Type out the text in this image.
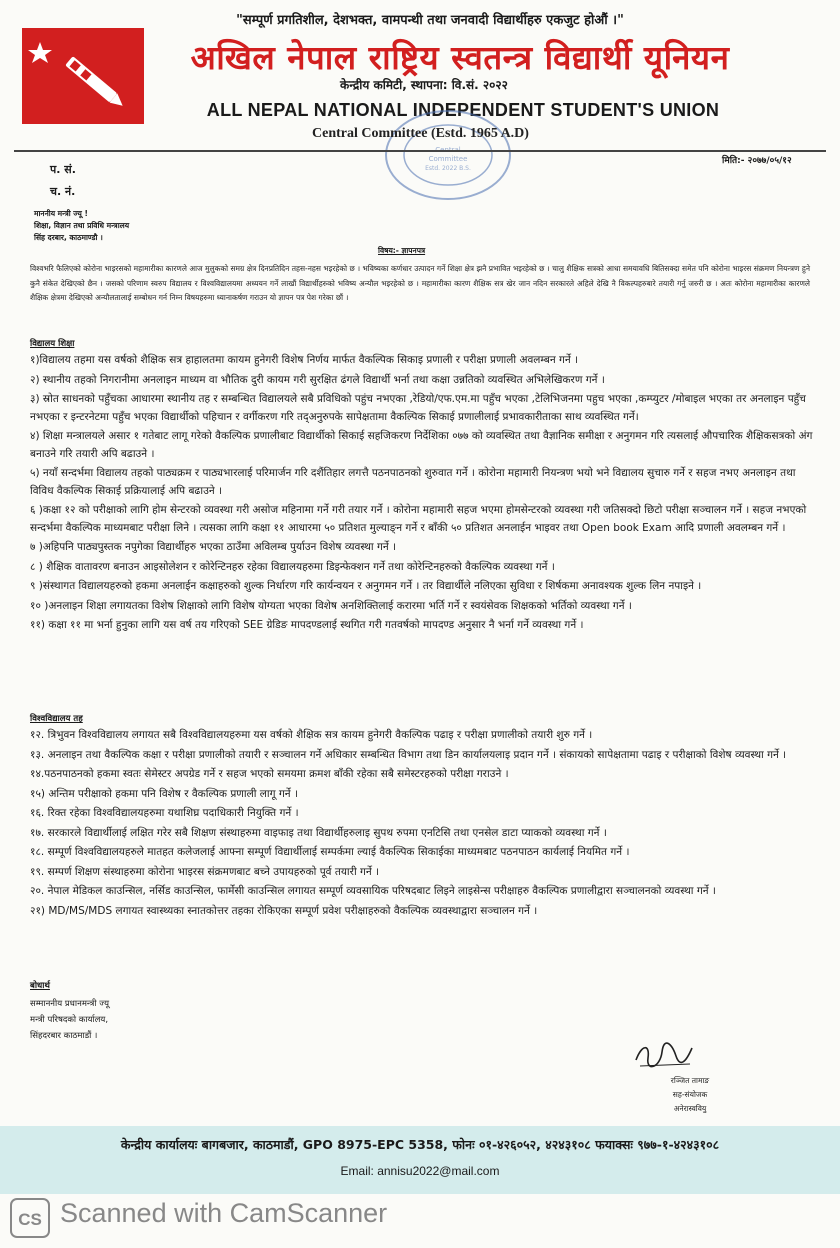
"सम्पूर्ण प्रगतिशील, देशभक्त, वामपन्थी तथा जनवादी विद्यार्थीहरु एकजुट होऔं ।"
अखिल नेपाल राष्ट्रिय स्वतन्त्र विद्यार्थी यूनियन
केन्द्रीय कमिटी, स्थापना: वि.सं. २०२२
ALL NEPAL NATIONAL INDEPENDENT STUDENT'S UNION
Committee
Estd. 2022 B.S.
Central Committee (Estd. 1965 A.D)
प. सं.
च. नं.
मिति:- २०७७/०५/१२
माननीय मन्त्री ज्यू !
शिक्षा, विज्ञान तथा प्रविधि मन्त्रालय
सिंह दरबार, काठमाण्डौ ।
विषय:- ज्ञापनपत्र
विश्वभरि फैलिएको कोरोना भाइरसको महामारीका कारणले आज मुलुकको समग्र क्षेत्र दिनप्रतिदिन तहस-नहस भइरहेको छ । भविष्यका कर्णधार उत्पादन गर्ने शिक्षा क्षेत्र झनै प्रभावित भइरहेको छ । चालु शैक्षिक सत्रको आधा समयावधि बितिसक्दा समेत पनि कोरोना भाइरस संक्रमण नियन्त्रण हुने कुनै संकेत देखिएको छैन । जसको परिणाम स्वरुप विद्यालय र विश्वविद्यालयमा अध्ययन गर्ने लाखौं विद्यार्थीहरुको भविष्य अन्यौल भइरहेको छ । महामारीका कारण शैक्षिक सत्र खेर जान नदिन सरकारले अहिले देखि नै विकल्पहरुबारे तयारी गर्नु जरुरी छ । अतः कोरोना महामारीका कारणले शैक्षिक क्षेत्रमा देखिएको अन्यौलतालाई सम्बोधन गर्न निम्न विषयहरुमा ध्यानाकर्षण गराउन यो ज्ञापन पत्र पेश गरेका छौं ।
विद्यालय शिक्षा
१)विद्यालय तहमा यस वर्षको शैक्षिक सत्र हाहालतमा कायम हुनेगरी विशेष निर्णय मार्फत वैकल्पिक सिकाइ प्रणाली र परीक्षा प्रणाली अवलम्बन गर्ने ।
२) स्थानीय तहको निगरानीमा अनलाइन माध्यम वा भौतिक दुरी कायम गरी सुरक्षित ढंगले विद्यार्थी भर्ना तथा कक्षा उन्नतिको व्यवस्थित अभिलेखिकरण गर्ने ।
३) स्रोत साधनको पहुँचका आधारमा स्थानीय तह र सम्बन्धित विद्यालयले सबै प्रविधिको पहुंच नभएका ,रेडियो/एफ.एम.मा पहुँच भएका ,टेलिभिजनमा पहुच भएका ,कम्प्युटर /मोबाइल भएका तर अनलाइन पहुँच नभएका र इन्टरनेटमा पहुँच भएका विद्यार्थीको पहिचान र वर्गीकरण गरि तद्अनुरुपके सापेक्षतामा वैकल्पिक सिकाई प्रणालीलाई प्रभावकारीताका साथ व्यवस्थित गर्ने।
४) शिक्षा मन्त्रालयले असार १ गतेबाट लागू गरेको वैकल्पिक प्रणालीबाट विद्यार्थीको सिकाई सहजिकरण निर्देशिका ०७७ को व्यवस्थित तथा वैज्ञानिक समीक्षा र अनुगमन गरि त्यसलाई औपचारिक शैक्षिकसत्रको अंग बनाउने गरि तयारी अपि बढाउने ।
५) नयाँ सन्दर्भमा विद्यालय तहको पाठ्यक्रम र पाठ्यभारलाई परिमार्जन गरि दशैंतिहार लगत्तै पठनपाठनको शुरुवात गर्ने । कोरोना महामारी नियन्त्रण भयो भने विद्यालय सुचारु गर्ने र सहज नभए अनलाइन तथा विविध वैकल्पिक सिकाई प्रक्रियालाई अपि बढाउने ।
६ )कक्षा १२ को परीक्षाको लागि होम सेन्टरको व्यवस्था गरी असोज महिनामा गर्ने गरी तयार गर्ने । कोरोना महामारी सहज भएमा होमसेन्टरको व्यवस्था गरी जतिसक्दो छिटो परीक्षा सञ्चालन गर्ने । सहज नभएको सन्दर्भमा वैकल्पिक माध्यमबाट परीक्षा लिने । त्यसका लागि कक्षा ११ आधारमा ५० प्रतिशत मुल्याङ्न गर्ने र बाँकी ५० प्रतिशत अनलाईन भाइवर तथा Open book Exam आदि प्रणाली अवलम्बन गर्ने ।
७ )अहिपनि पाठ्यपुस्तक नपुगेका विद्यार्थीहरु भएका ठाउँमा अविलम्ब पुर्याउन विशेष व्यवस्था गर्ने ।
८ ) शैक्षिक वातावरण बनाउन आइसोलेशन र कोरेन्टिनहरु रहेका विद्यालयहरुमा डिइन्फेक्शन गर्ने तथा कोरेन्टिनहरुको वैकल्पिक व्यवस्था गर्ने ।
९ )संस्थागत विद्यालयहरुको हकमा अनलाईन कक्षाहरुको शुल्क निर्धारण गरि कार्यन्वयन र अनुगमन गर्ने । तर विद्यार्थीले नलिएका सुविधा र शिर्षकमा अनावश्यक शुल्क लिन नपाइने ।
१० )अनलाइन शिक्षा लगायतका विशेष शिक्षाको लागि विशेष योग्यता भएका विशेष अनशिक्तिलाई करारमा भर्ति गर्ने र स्वयंसेवक शिक्षकको भर्तिको व्यवस्था गर्ने ।
११) कक्षा ११ मा भर्ना हुनुका लागि यस वर्ष तय गरिएको SEE ग्रेडिङ मापदण्डलाई स्थगित गरी गतवर्षको मापदण्ड अनुसार नै भर्ना गर्ने व्यवस्था गर्ने ।
विश्वविद्यालय तह
१२. त्रिभुवन विश्वविद्यालय लगायत सबै विश्वविद्यालयहरुमा यस वर्षको शैक्षिक सत्र कायम हुनेगरी वैकल्पिक पढाइ र परीक्षा प्रणालीको तयारी शुरु गर्ने ।
१३. अनलाइन तथा वैकल्पिक कक्षा र परीक्षा प्रणालीको तयारी र सञ्चालन गर्ने अधिकार सम्बन्धित विभाग तथा डिन कार्यालयलाइ प्रदान गर्ने । संकायको सापेक्षतामा पढाइ र परीक्षाको विशेष व्यवस्था गर्ने ।
१४.पठनपाठनको हकमा स्वतः सेमेस्टर अपग्रेड गर्ने र सहज भएको समयमा क्रमश बाँकी रहेका सबै समेस्टरहरुको परीक्षा गराउने ।
१५) अन्तिम परीक्षाको हकमा पनि विशेष र वैकल्पिक प्रणाली लागू गर्ने ।
१६. रिक्त रहेका विश्वविद्यालयहरुमा यथाशिघ्र पदाधिकारी नियुक्ति गर्ने ।
१७. सरकारले विद्यार्थीलाई लक्षित गरेर सबै शिक्षण संस्थाहरुमा वाइफाइ तथा विद्यार्थीहरुलाइ सुपथ रुपमा एनटिसि तथा एनसेल डाटा प्याकको व्यवस्था गर्ने ।
१८. सम्पूर्ण विश्वविद्यालयहरुले मातहत कलेजलाई आफ्ना सम्पूर्ण विद्यार्थीलाई सम्पर्कमा ल्याई वैकल्पिक सिकाईका माध्यमबाट पठनपाठन कार्यलाई नियमित गर्ने ।
१९. सम्पर्ण शिक्षण संस्थाहरुमा कोरोना भाइरस संक्रमणबाट बच्ने उपायहरुको पूर्व तयारी गर्ने ।
२०. नेपाल मेडिकल काउन्सिल, नर्सिड काउन्सिल, फार्मेसी काउन्सिल लगायत सम्पूर्ण व्यवसायिक परिषदबाट लिइने लाइसेन्स परीक्षाहरु वैकल्पिक प्रणालीद्वारा सञ्चालनको व्यवस्था गर्ने ।
२१) MD/MS/MDS लगायत स्वास्थ्यका स्नातकोत्तर तहका रोकिएका सम्पूर्ण प्रवेश परीक्षाहरुको वैकल्पिक व्यवस्थाद्वारा सञ्चालन गर्ने ।
बोधार्थ
सम्माननीय प्रधानमन्त्री ज्यू
मन्त्री परिषदको कार्यालय,
सिंहदरबार काठमाडौं ।
रञ्जित तामाङ
सह-संयोजक
अनेरास्ववियु
केन्द्रीय कार्यालयः बागबजार, काठमाडौं, GPO 8975-EPC 5358, फोनः ०१-४२६०५२, ४२४३१०८ फयाक्सः ९७७-१-४२४३१०८
Email: annisu2022@mail.com
CS Scanned with CamScanner
